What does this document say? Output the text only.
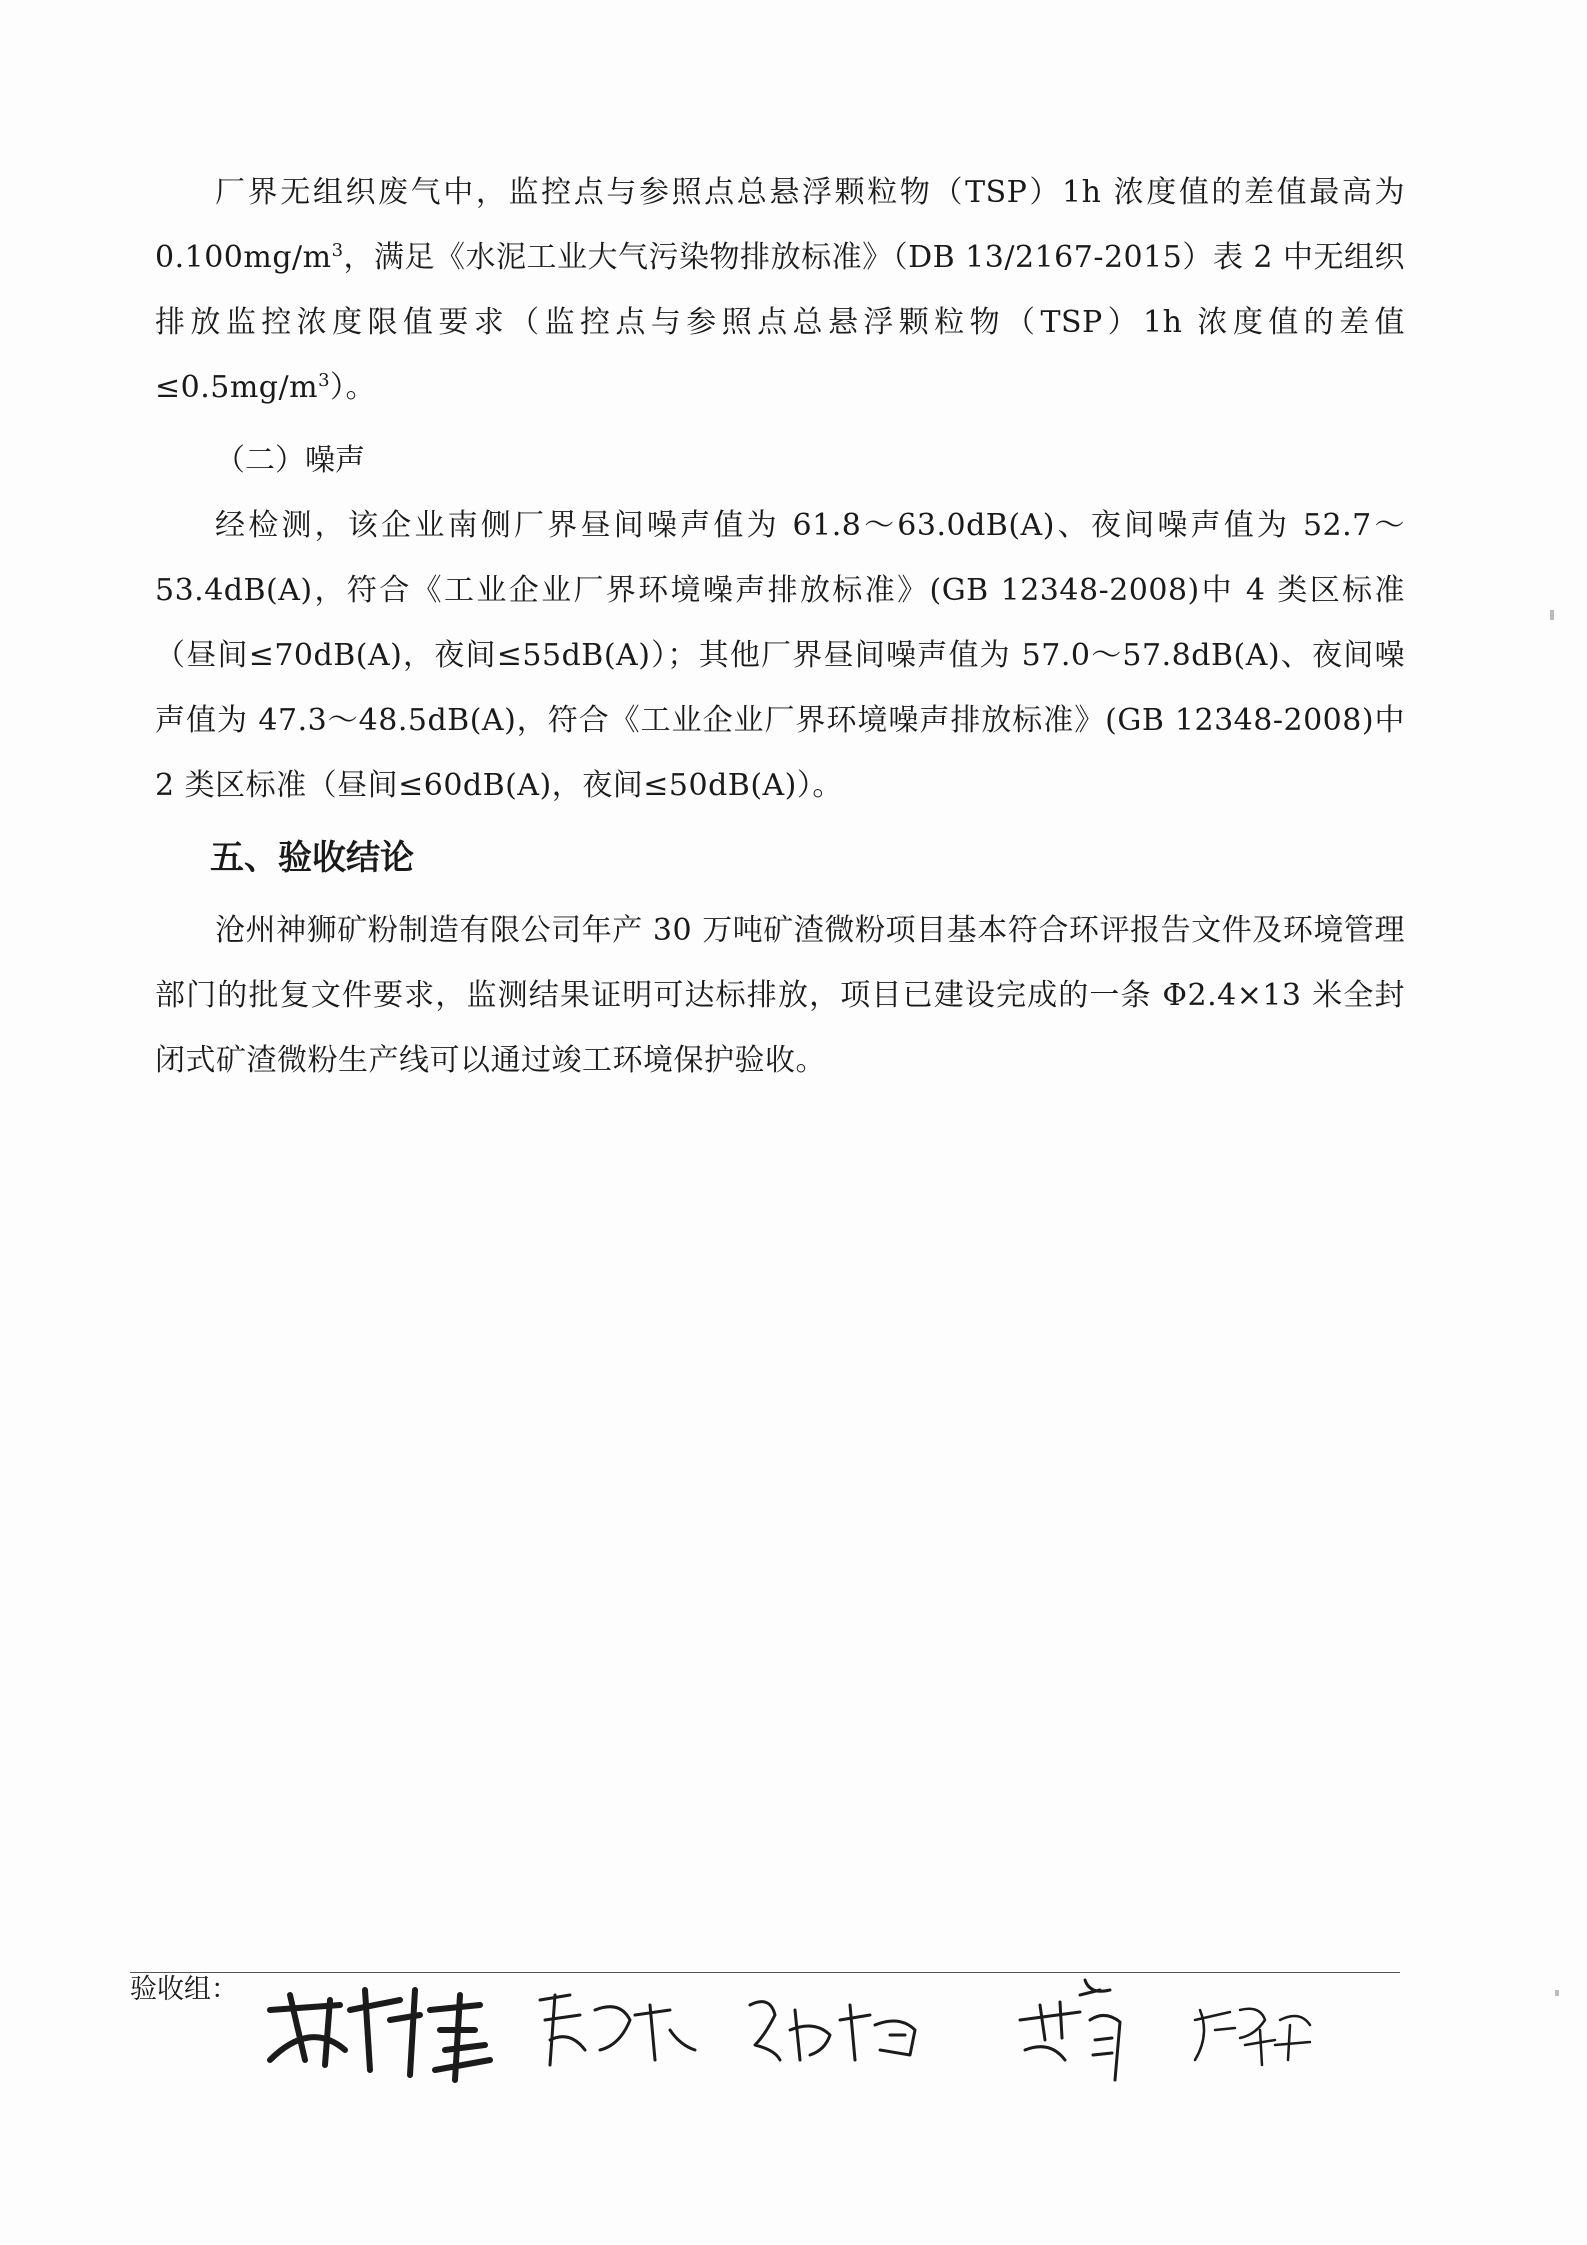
厂界无组织废气中，监控点与参照点总悬浮颗粒物（TSP）1h 浓度值的差值最高为 $0.100mg/m^3$，满足《水泥工业大气污染物排放标准》（DB 13/2167-2015）表 2 中无组织排放监控浓度限值要求（监控点与参照点总悬浮颗粒物（TSP）1h 浓度值的差值$\le 0.5mg/m^3$）。

（二）噪声

经检测，该企业南侧厂界昼间噪声值为 61.8～63.0dB(A)、夜间噪声值为 52.7～53.4dB(A)，符合《工业企业厂界环境噪声排放标准》(GB 12348-2008)中 4 类区标准（昼间≤70dB(A)，夜间≤55dB(A)）；其他厂界昼间噪声值为 57.0～57.8dB(A)、夜间噪声值为 47.3～48.5dB(A)，符合《工业企业厂界环境噪声排放标准》(GB 12348-2008)中 2 类区标准（昼间≤60dB(A)，夜间≤50dB(A)）。

五、验收结论

沧州神狮矿粉制造有限公司年产 30 万吨矿渣微粉项目基本符合环评报告文件及环境管理部门的批复文件要求，监测结果证明可达标排放，项目已建设完成的一条 Φ2.4×13 米全封闭式矿渣微粉生产线可以通过竣工环境保护验收。

验收组：
